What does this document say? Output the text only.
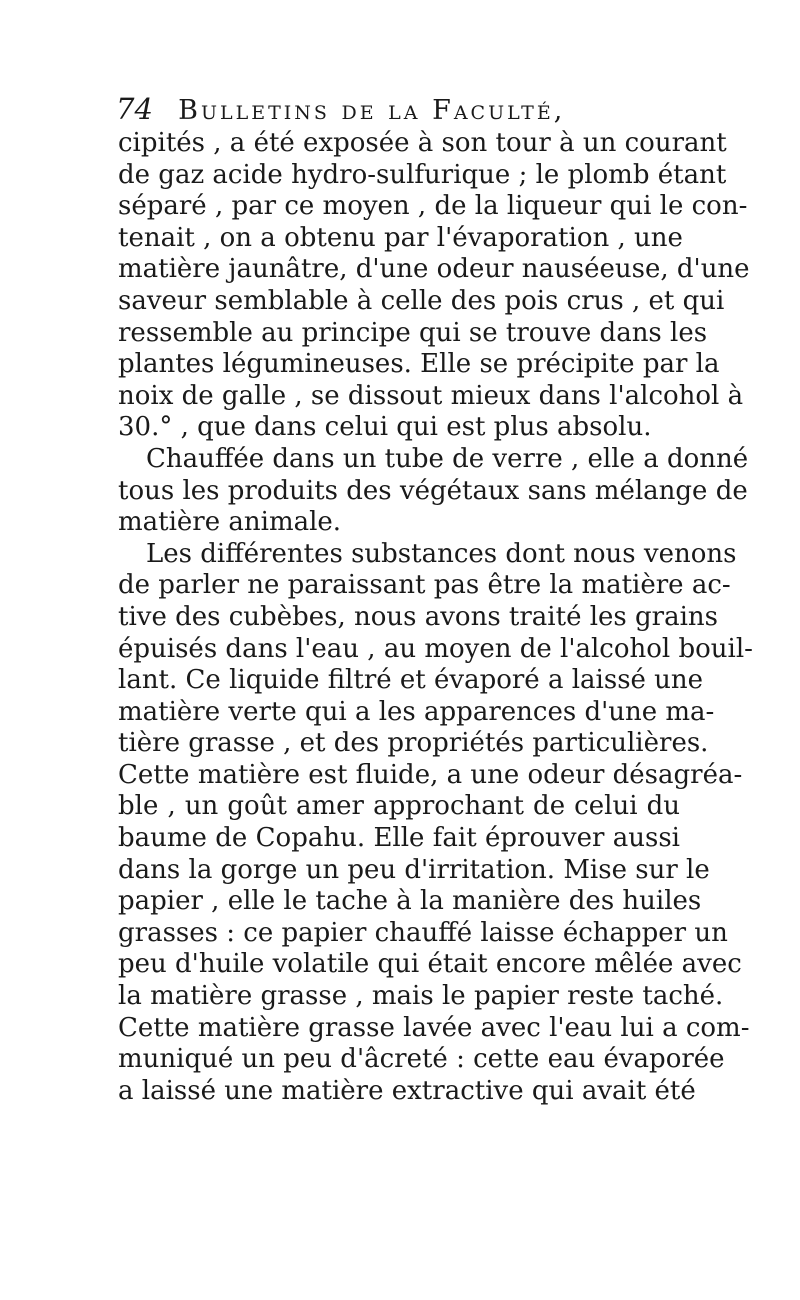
74 Bulletins de la Faculté,
cipités , a été exposée à son tour à un courant
de gaz acide hydro-sulfurique ; le plomb étant
séparé , par ce moyen , de la liqueur qui le con-
tenait , on a obtenu par l'évaporation , une
matière jaunâtre, d'une odeur nauséeuse, d'une
saveur semblable à celle des pois crus , et qui
ressemble au principe qui se trouve dans les
plantes légumineuses. Elle se précipite par la
noix de galle , se dissout mieux dans l'alcohol à
30.° , que dans celui qui est plus absolu.
Chauffée dans un tube de verre , elle a donné
tous les produits des végétaux sans mélange de
matière animale.
Les différentes substances dont nous venons
de parler ne paraissant pas être la matière ac-
tive des cubèbes, nous avons traité les grains
épuisés dans l'eau , au moyen de l'alcohol bouil-
lant. Ce liquide filtré et évaporé a laissé une
matière verte qui a les apparences d'une ma-
tière grasse , et des propriétés particulières.
Cette matière est fluide, a une odeur désagréa-
ble , un goût amer approchant de celui du
baume de Copahu. Elle fait éprouver aussi
dans la gorge un peu d'irritation. Mise sur le
papier , elle le tache à la manière des huiles
grasses : ce papier chauffé laisse échapper un
peu d'huile volatile qui était encore mêlée avec
la matière grasse , mais le papier reste taché.
Cette matière grasse lavée avec l'eau lui a com-
muniqué un peu d'âcreté : cette eau évaporée
a laissé une matière extractive qui avait été
